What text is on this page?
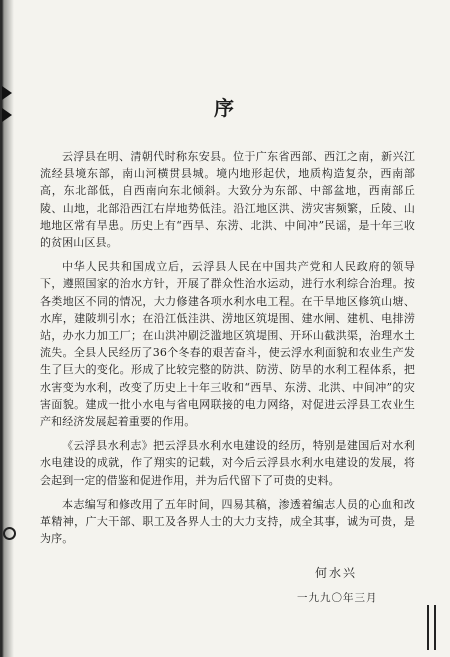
序

云浮县在明、清朝代时称东安县。位于广东省西部、西江之南，新兴江流经县境东部，南山河横贯县城。境内地形起伏，地质构造复杂，西南部高，东北部低，自西南向东北倾斜。大致分为东部、中部盆地，西南部丘陵、山地，北部沿西江右岸地势低洼。沿江地区洪、涝灾害频繁，丘陵、山地地区常有旱患。历史上有“西旱、东涝、北洪、中间冲”民谣，是十年三收的贫困山区县。

中华人民共和国成立后，云浮县人民在中国共产党和人民政府的领导下，遵照国家的治水方针，开展了群众性治水运动，进行水利综合治理。按各类地区不同的情况，大力修建各项水利水电工程。在干旱地区修筑山塘、水库，建陂圳引水；在沿江低洼洪、涝地区筑堤围、建水闸、建机、电排涝站，办水力加工厂；在山洪冲刷泛滥地区筑堤围、开环山截洪渠，治理水土流失。全县人民经历了36个冬春的艰苦奋斗，使云浮水利面貌和农业生产发生了巨大的变化。形成了比较完整的防洪、防涝、防旱的水利工程体系，把水害变为水利，改变了历史上十年三收和“西旱、东涝、北洪、中间冲”的灾害面貌。建成一批小水电与省电网联接的电力网络，对促进云浮县工农业生产和经济发展起着重要的作用。

《云浮县水利志》把云浮县水利水电建设的经历，特别是建国后对水利水电建设的成就，作了翔实的记载，对今后云浮县水利水电建设的发展，将会起到一定的借鉴和促进作用，并为后代留下了可贵的史料。

本志编写和修改用了五年时间，四易其稿，渗透着编志人员的心血和改革精神，广大干部、职工及各界人士的大力支持，成全其事，诚为可贵，是为序。

何水兴
一九九〇年三月
